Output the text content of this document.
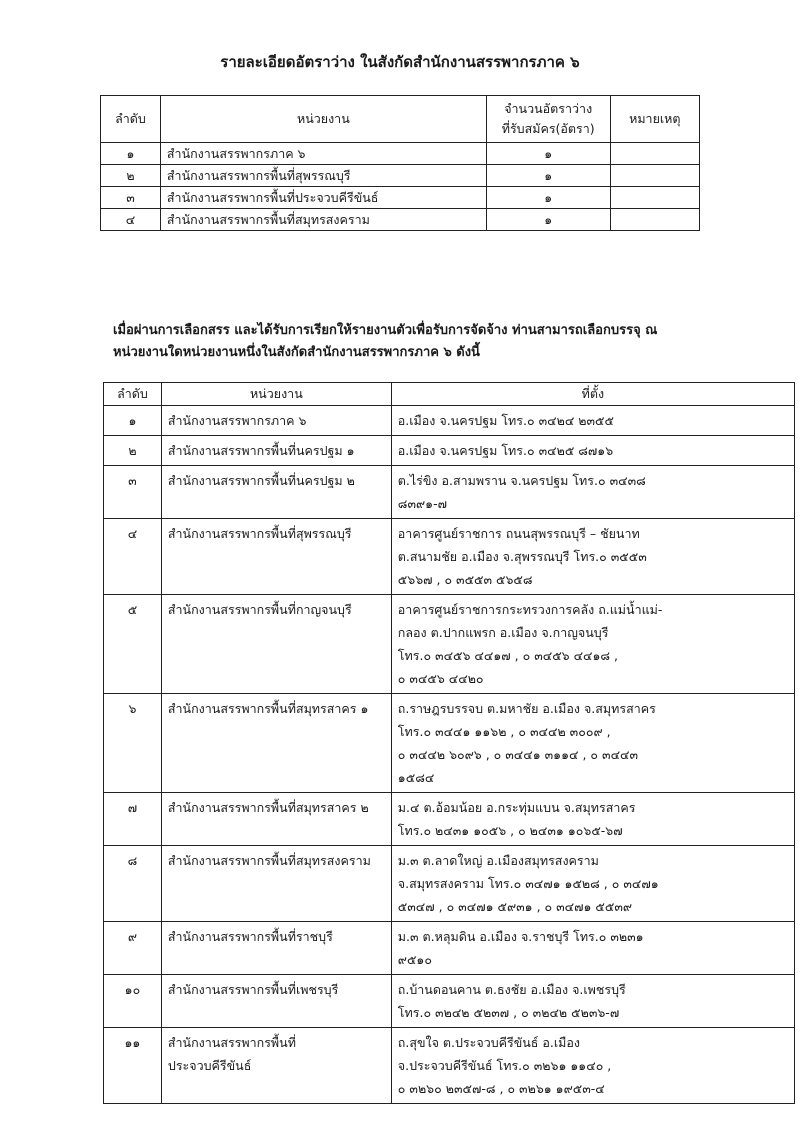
รายละเอียดอัตราว่าง ในสังกัดสำนักงานสรรพากรภาค ๖
ลำดับ	หน่วยงาน	จำนวนอัตราว่าง
ที่รับสมัคร(อัตรา)	หมายเหตุ
๑	สำนักงานสรรพากรภาค ๖	๑	
๒	สำนักงานสรรพากรพื้นที่สุพรรณบุรี	๑	
๓	สำนักงานสรรพากรพื้นที่ประจวบคีรีขันธ์	๑	
๔	สำนักงานสรรพากรพื้นที่สมุทรสงคราม	๑	
เมื่อผ่านการเลือกสรร และได้รับการเรียกให้รายงานตัวเพื่อรับการจัดจ้าง ท่านสามารถเลือกบรรจุ ณ
หน่วยงานใดหน่วยงานหนึ่งในสังกัดสำนักงานสรรพากรภาค ๖ ดังนี้
ลำดับ	หน่วยงาน	ที่ตั้ง
๑	สำนักงานสรรพากรภาค ๖	อ.เมือง จ.นครปฐม โทร.๐ ๓๔๒๔ ๒๓๕๕

๒	สำนักงานสรรพากรพื้นที่นครปฐม ๑	อ.เมือง จ.นครปฐม โทร.๐ ๓๔๒๕ ๘๗๑๖

๓	สำนักงานสรรพากรพื้นที่นครปฐม ๒	ต.ไร่ขิง อ.สามพราน จ.นครปฐม โทร.๐ ๓๔๓๘
๘๓๙๑-๗

๔	สำนักงานสรรพากรพื้นที่สุพรรณบุรี	อาคารศูนย์ราชการ ถนนสุพรรณบุรี – ชัยนาท
ต.สนามชัย อ.เมือง จ.สุพรรณบุรี โทร.๐ ๓๕๕๓
๕๖๖๗ , ๐ ๓๕๕๓ ๕๖๕๘

๕	สำนักงานสรรพากรพื้นที่กาญจนบุรี	อาคารศูนย์ราชการกระทรวงการคลัง ถ.แม่น้ำแม่-
กลอง ต.ปากแพรก อ.เมือง จ.กาญจนบุรี
โทร.๐ ๓๔๕๖ ๔๔๑๗ , ๐ ๓๔๕๖ ๔๔๑๘ ,
๐ ๓๔๕๖ ๔๔๒๐

๖	สำนักงานสรรพากรพื้นที่สมุทรสาคร ๑	ถ.ราษฎรบรรจบ ต.มหาชัย อ.เมือง จ.สมุทรสาคร
โทร.๐ ๓๔๔๑ ๑๑๖๒ , ๐ ๓๔๔๒ ๓๐๐๙ ,
๐ ๓๔๔๒ ๖๐๙๖ , ๐ ๓๔๔๑ ๓๑๑๔ , ๐ ๓๔๔๓
๑๕๘๔

๗	สำนักงานสรรพากรพื้นที่สมุทรสาคร ๒	ม.๔ ต.อ้อมน้อย อ.กระทุ่มแบน จ.สมุทรสาคร
โทร.๐ ๒๔๓๑ ๑๐๕๖ , ๐ ๒๔๓๑ ๑๐๖๕-๖๗

๘	สำนักงานสรรพากรพื้นที่สมุทรสงคราม	ม.๓ ต.ลาดใหญ่ อ.เมืองสมุทรสงคราม
จ.สมุทรสงคราม โทร.๐ ๓๔๗๑ ๑๕๒๘ , ๐ ๓๔๗๑
๕๓๔๗ , ๐ ๓๔๗๑ ๕๙๓๑ , ๐ ๓๔๗๑ ๕๕๓๙

๙	สำนักงานสรรพากรพื้นที่ราชบุรี	ม.๓ ต.หลุมดิน อ.เมือง จ.ราชบุรี โทร.๐ ๓๒๓๑
๙๕๑๐

๑๐	สำนักงานสรรพากรพื้นที่เพชรบุรี	ถ.บ้านดอนคาน ต.ธงชัย อ.เมือง จ.เพชรบุรี
โทร.๐ ๓๒๔๒ ๕๒๓๗ , ๐ ๓๒๔๒ ๕๒๓๖-๗

๑๑	สำนักงานสรรพากรพื้นที่
ประจวบคีรีขันธ์	ถ.สุขใจ ต.ประจวบคีรีขันธ์ อ.เมือง
จ.ประจวบคีรีขันธ์ โทร.๐ ๓๒๖๑ ๑๑๔๐ ,
๐ ๓๒๖๐ ๒๓๕๗-๘ , ๐ ๓๒๖๑ ๑๙๕๓-๔
